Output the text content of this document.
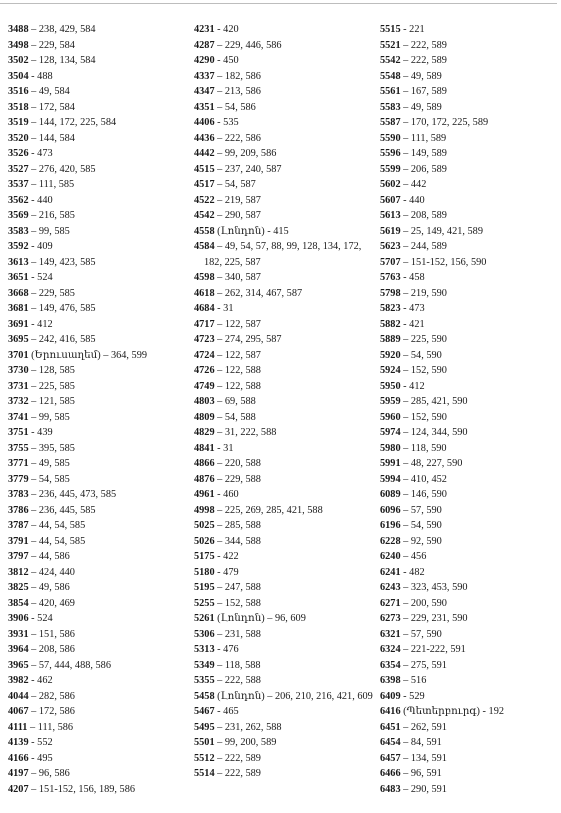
3488 – 238, 429, 584
3498 – 229, 584
3502 – 128, 134, 584
3504 - 488
3516 – 49, 584
3518 – 172, 584
3519 – 144, 172, 225, 584
3520 – 144, 584
3526 - 473
3527 – 276, 420, 585
3537 – 111, 585
3562 - 440
3569 – 216, 585
3583 – 99, 585
3592 - 409
3613 – 149, 423, 585
3651 - 524
3668 – 229, 585
3681 – 149, 476, 585
3691 - 412
3695 – 242, 416, 585
3701 (Երուսաղեմ) – 364, 599
3730 – 128, 585
3731 – 225, 585
3732 – 121, 585
3741 – 99, 585
3751 - 439
3755 – 395, 585
3771 – 49, 585
3779 – 54, 585
3783 – 236, 445, 473, 585
3786 – 236, 445, 585
3787 – 44, 54, 585
3791 – 44, 54, 585
3797 – 44, 586
3812 – 424, 440
3825 – 49, 586
3854 – 420, 469
3906 - 524
3931 – 151, 586
3964 – 208, 586
3965 – 57, 444, 488, 586
3982 - 462
4044 – 282, 586
4067 – 172, 586
4111 – 111, 586
4139 - 552
4166 - 495
4197 – 96, 586
4207 – 151-152, 156, 189, 586
4231 - 420
4287 – 229, 446, 586
4290 - 450
4337 – 182, 586
4347 – 213, 586
4351 – 54, 586
4406 - 535
4436 – 222, 586
4442 – 99, 209, 586
4515 – 237, 240, 587
4517 – 54, 587
4522 – 219, 587
4542 – 290, 587
4558 (Լոնդոն) - 415
4584 – 49, 54, 57, 88, 99, 128, 134, 172, 182, 225, 587
4598 – 340, 587
4618 – 262, 314, 467, 587
4684 - 31
4717 – 122, 587
4723 – 274, 295, 587
4724 – 122, 587
4726 – 122, 588
4749 – 122, 588
4803 – 69, 588
4809 – 54, 588
4829 – 31, 222, 588
4841 - 31
4866 – 220, 588
4876 – 229, 588
4961 - 460
4998 – 225, 269, 285, 421, 588
5025 – 285, 588
5026 – 344, 588
5175 - 422
5180 - 479
5195 – 247, 588
5255 – 152, 588
5261 (Լոնդոն) – 96, 609
5306 – 231, 588
5313 - 476
5349 – 118, 588
5355 – 222, 588
5458 (Լոնդոն) – 206, 210, 216, 421, 609
5467 - 465
5495 – 231, 262, 588
5501 – 99, 200, 589
5512 – 222, 589
5514 – 222, 589
5515 - 221
5521 – 222, 589
5542 – 222, 589
5548 – 49, 589
5561 – 167, 589
5583 – 49, 589
5587 – 170, 172, 225, 589
5590 – 111, 589
5596 – 149, 589
5599 – 206, 589
5602 – 442
5607 - 440
5613 – 208, 589
5619 – 25, 149, 421, 589
5623 – 244, 589
5707 – 151-152, 156, 590
5763 - 458
5798 – 219, 590
5823 - 473
5882 - 421
5889 – 225, 590
5920 – 54, 590
5924 – 152, 590
5950 - 412
5959 – 285, 421, 590
5960 – 152, 590
5974 – 124, 344, 590
5980 – 118, 590
5991 – 48, 227, 590
5994 – 410, 452
6089 – 146, 590
6096 – 57, 590
6196 – 54, 590
6228 – 92, 590
6240 – 456
6241 - 482
6243 – 323, 453, 590
6271 – 200, 590
6273 – 229, 231, 590
6321 – 57, 590
6324 – 221-222, 591
6354 – 275, 591
6398 – 516
6409 - 529
6416 (Պետերբուրգ) - 192
6451 – 262, 591
6454 – 84, 591
6457 – 134, 591
6466 – 96, 591
6483 – 290, 591
